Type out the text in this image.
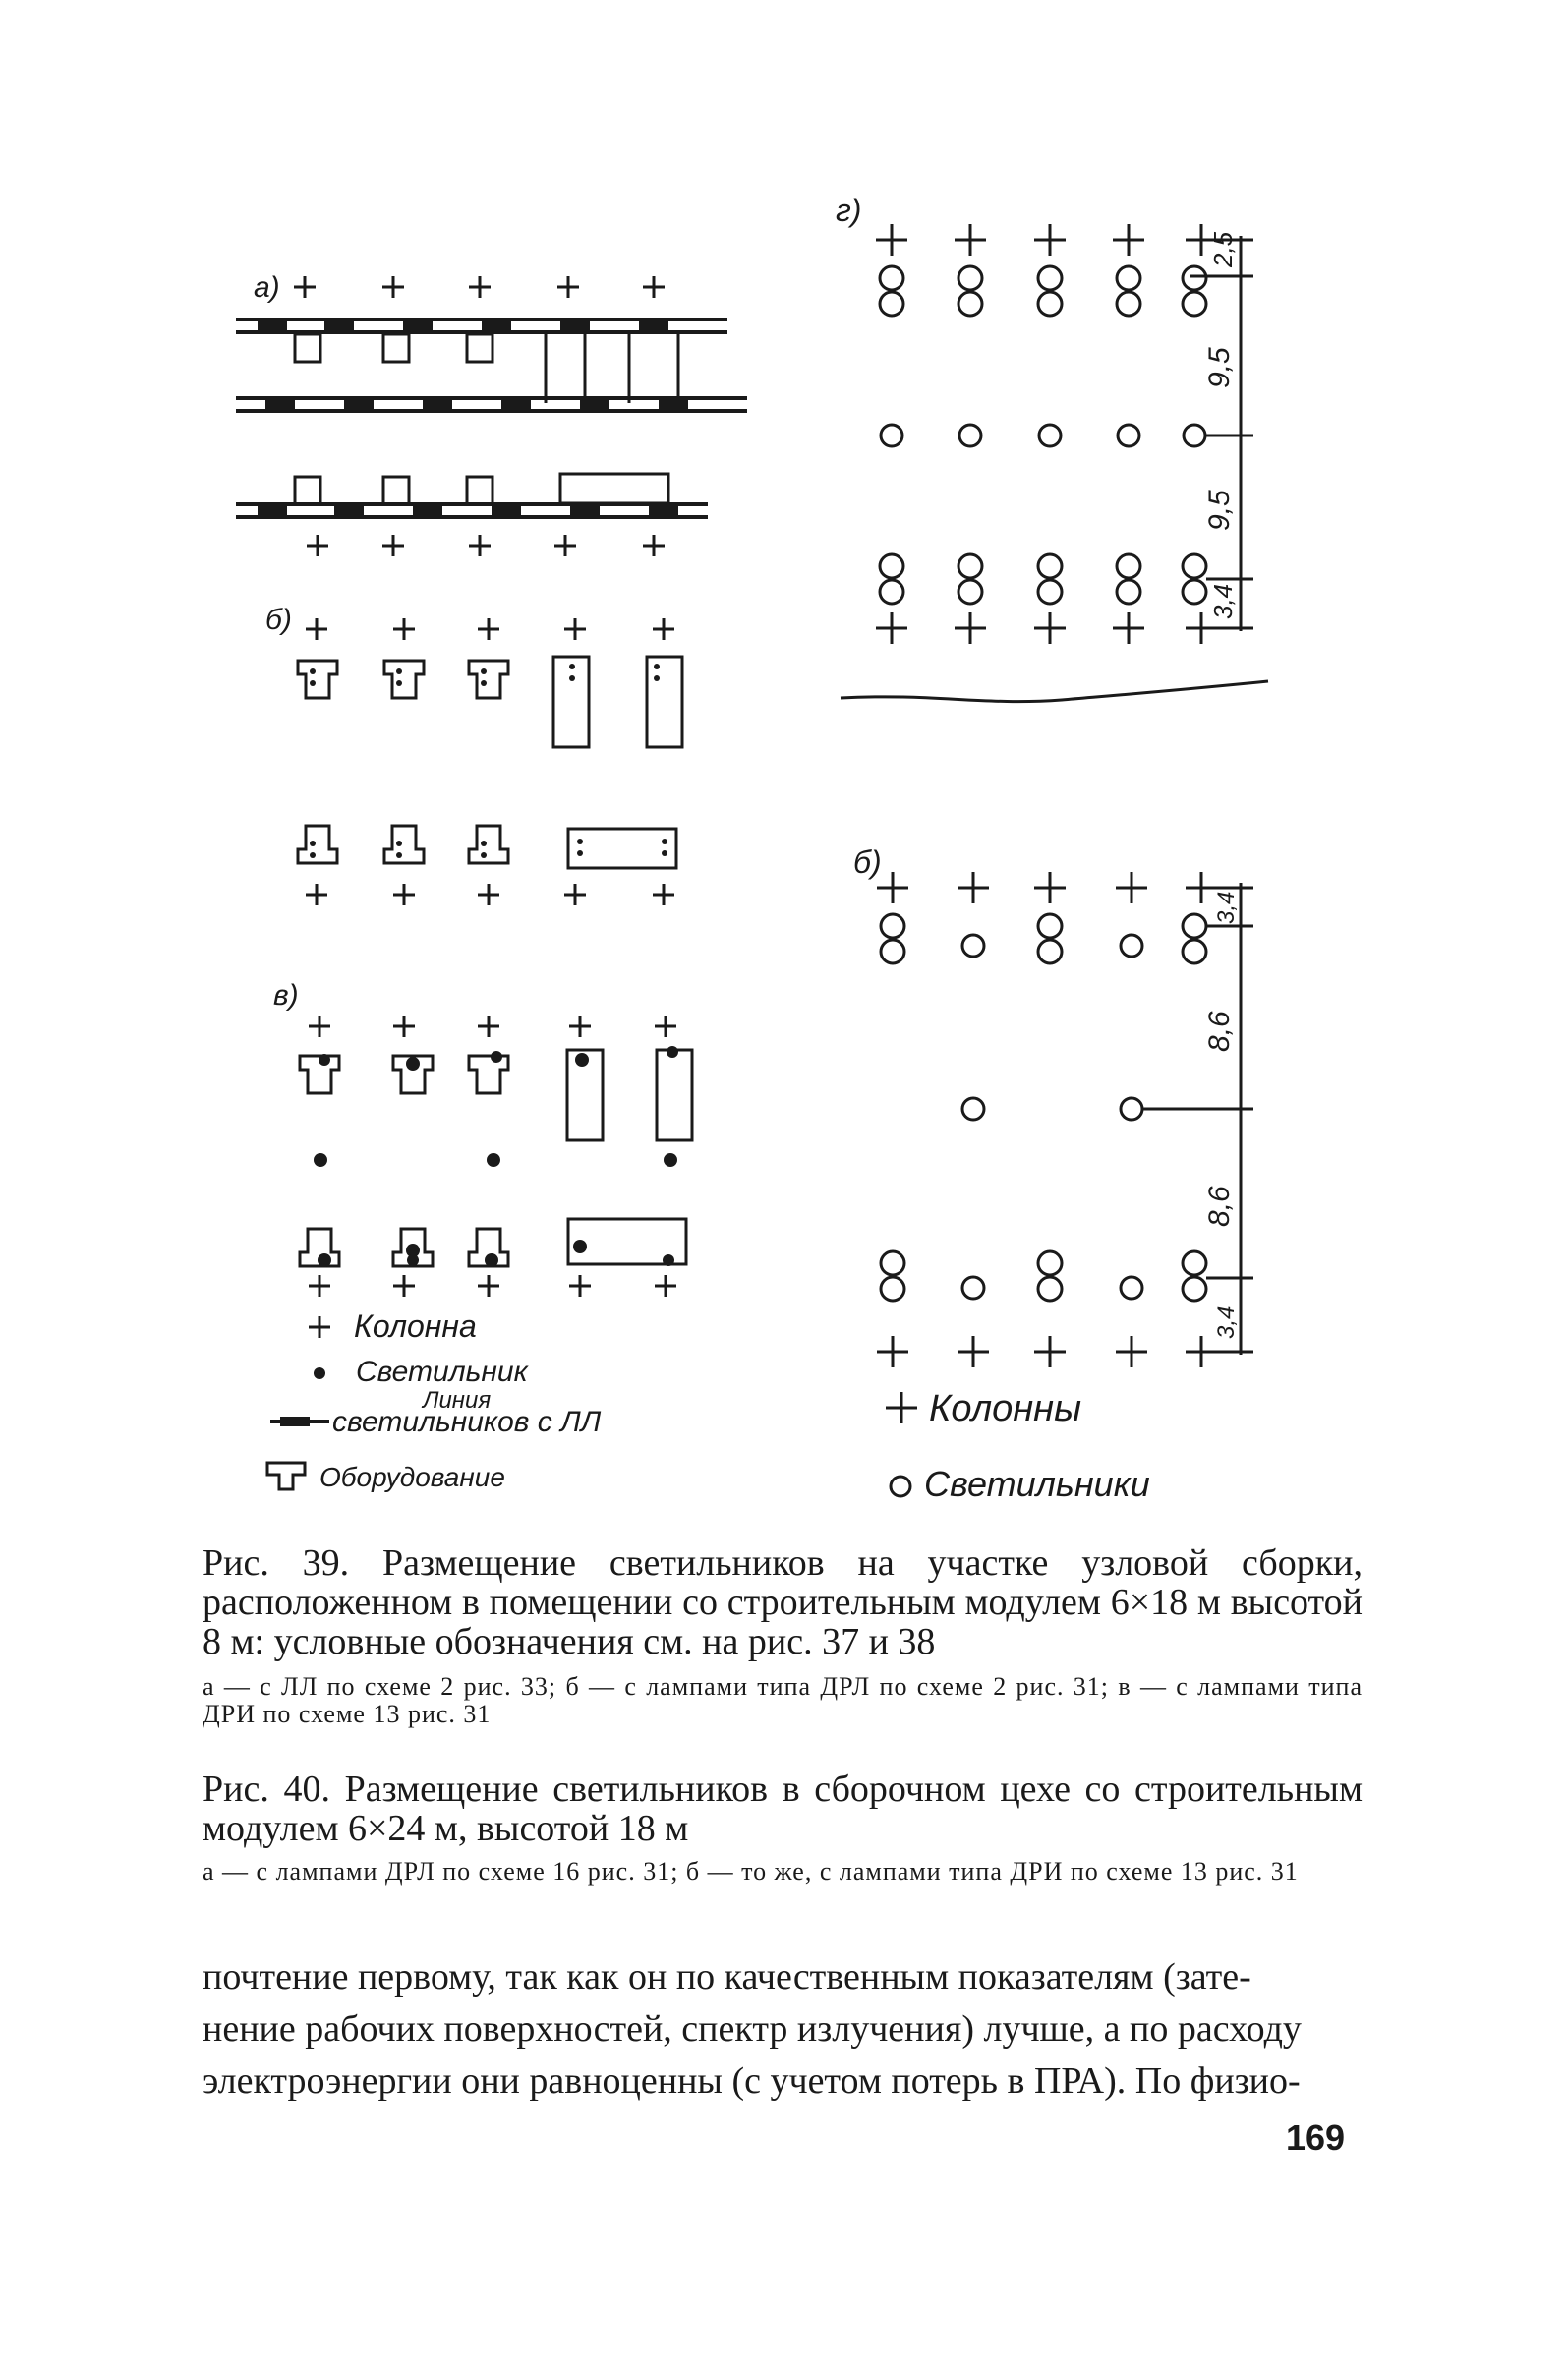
а)
б)
в)
Колонна
Светильник
Линия
светильников с ЛЛ
Оборудование
г)
2,5
9,5
9,5
3,4
б)
3,4
8,6
8,6
3,4
Колонны
Светильники
Рис. 39. Размещение светильников на участке узловой сборки, расположенном в помещении со строительным модулем 6×18 м высотой 8 м: условные обозначения см. на рис. 37 и 38
а — с ЛЛ по схеме 2 рис. 33; б — с лампами типа ДРЛ по схеме 2 рис. 31; в — с лампами типа ДРИ по схеме 13 рис. 31
Рис. 40. Размещение светильников в сборочном цехе со строительным модулем 6×24 м, высотой 18 м
а — с лампами ДРЛ по схеме 16 рис. 31; б — то же, с лампами типа ДРИ по схеме 13 рис. 31
почтение первому, так как он по качественным показателям (зате-
нение рабочих поверхностей, спектр излучения) лучше, а по расходу
электроэнергии они равноценны (с учетом потерь в ПРА). По физио-
169
